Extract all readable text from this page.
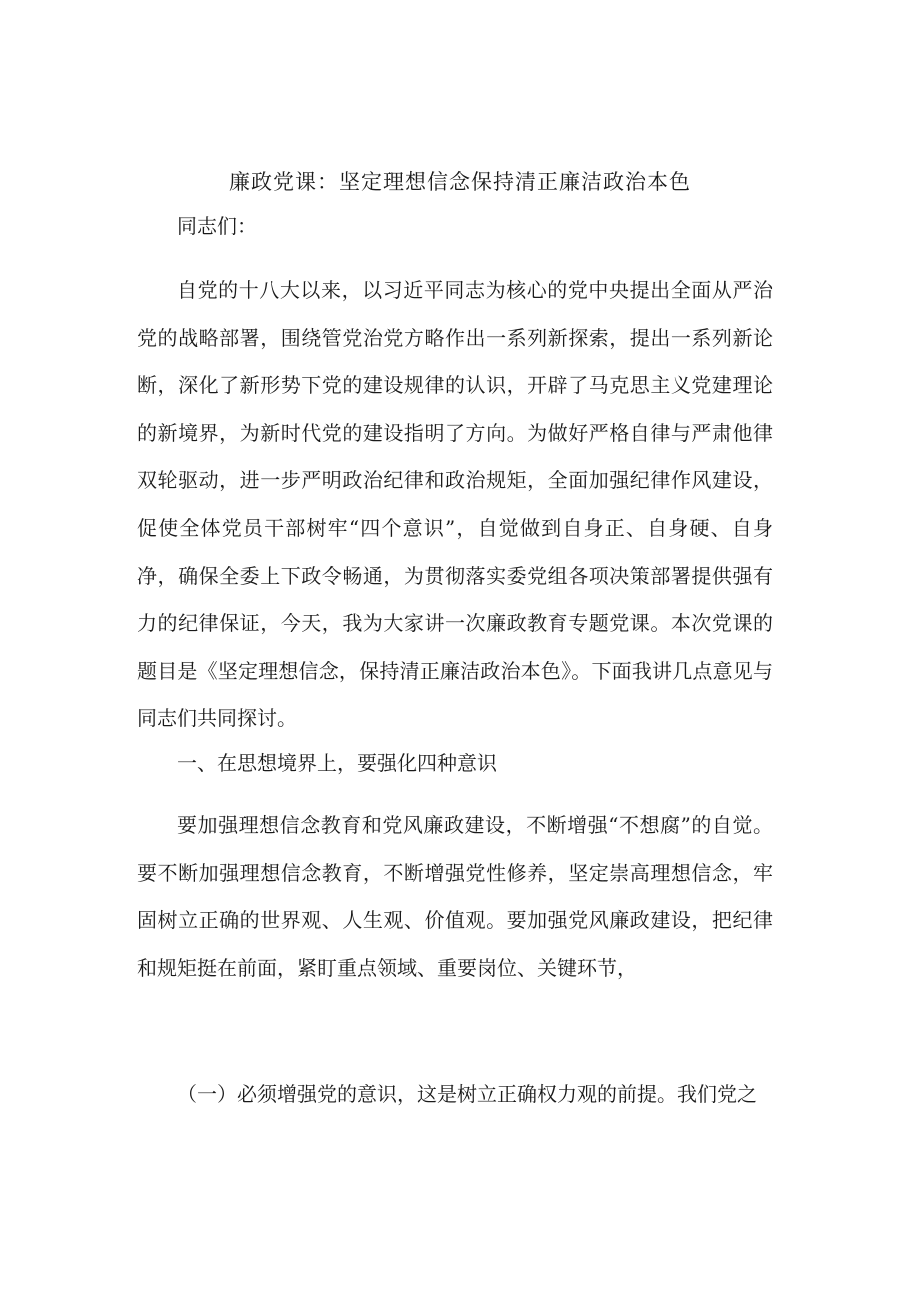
廉政党课：坚定理想信念保持清正廉洁政治本色

同志们：

自党的十八大以来，以习近平同志为核心的党中央提出全面从严治党的战略部署，围绕管党治党方略作出一系列新探索，提出一系列新论断，深化了新形势下党的建设规律的认识，开辟了马克思主义党建理论的新境界，为新时代党的建设指明了方向。为做好严格自律与严肃他律双轮驱动，进一步严明政治纪律和政治规矩，全面加强纪律作风建设，促使全体党员干部树牢“四个意识”，自觉做到自身正、自身硬、自身净，确保全委上下政令畅通，为贯彻落实委党组各项决策部署提供强有力的纪律保证，今天，我为大家讲一次廉政教育专题党课。本次党课的题目是《坚定理想信念，保持清正廉洁政治本色》。下面我讲几点意见与同志们共同探讨。

一、在思想境界上，要强化四种意识

要加强理想信念教育和党风廉政建设，不断增强“不想腐”的自觉。要不断加强理想信念教育，不断增强党性修养，坚定崇高理想信念，牢固树立正确的世界观、人生观、价值观。要加强党风廉政建设，把纪律和规矩挺在前面，紧盯重点领域、重要岗位、关键环节，

（一）必须增强党的意识，这是树立正确权力观的前提。我们党之
